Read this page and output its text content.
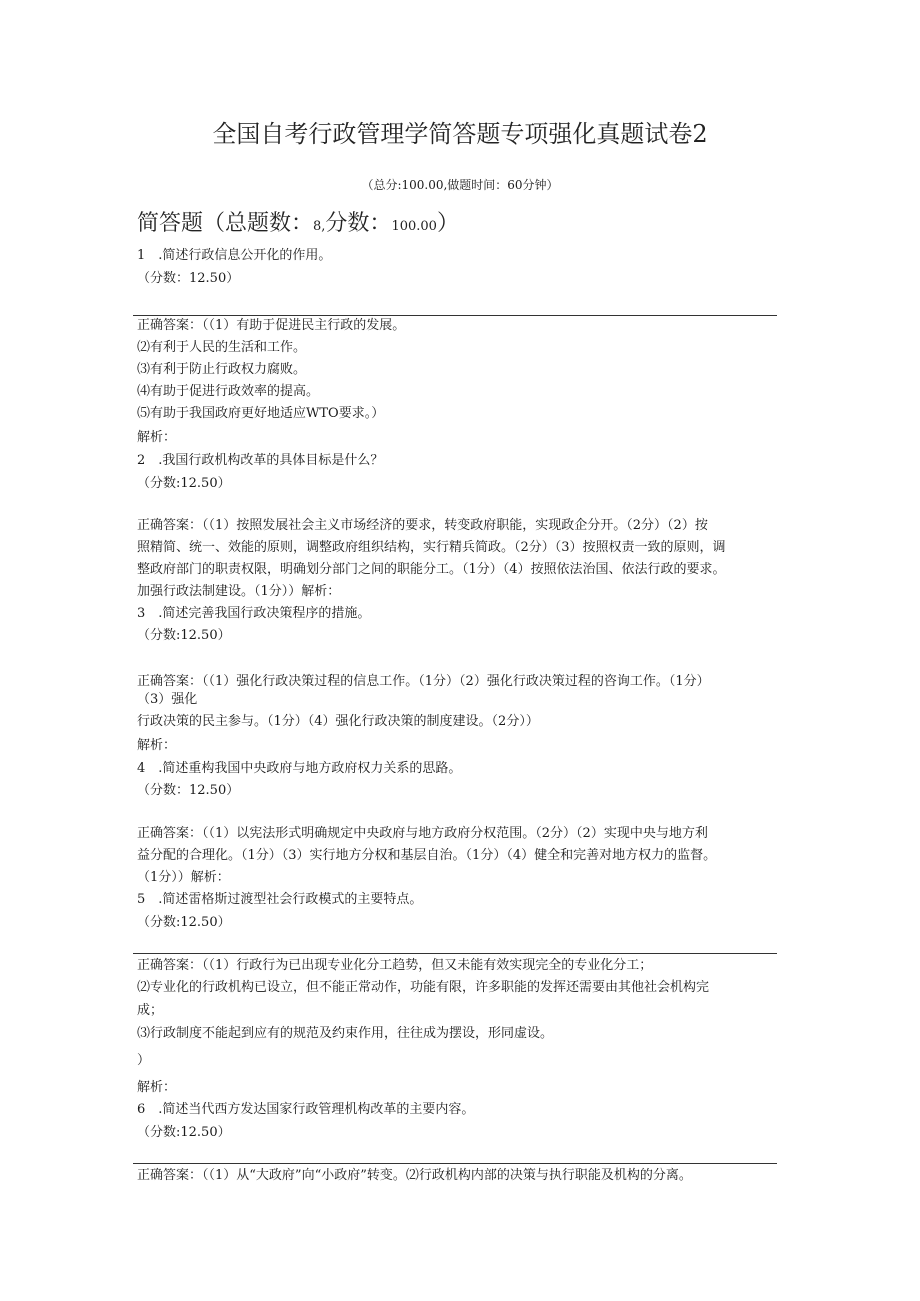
全国自考行政管理学简答题专项强化真题试卷2
（总分:100.00,做题时间：60分钟）
简答题（总题数：8,分数：100.00）
1　.简述行政信息公开化的作用。
（分数：12.50）
正确答案：（（1）有助于促进民主行政的发展。
⑵有利于人民的生活和工作。
⑶有利于防止行政权力腐败。
⑷有助于促进行政效率的提高。
⑸有助于我国政府更好地适应WTO要求。）
解析：
2　.我国行政机构改革的具体目标是什么？
（分数:12.50）
正确答案：（（1）按照发展社会主义市场经济的要求，转变政府职能，实现政企分开。（2分）（2）按
照精简、统一、效能的原则，调整政府组织结构，实行精兵简政。（2分）（3）按照权责一致的原则，调
整政府部门的职责权限，明确划分部门之间的职能分工。（1分）（4）按照依法治国、依法行政的要求。
加强行政法制建设。（1分））解析：
3　.简述完善我国行政决策程序的措施。
（分数:12.50）
正确答案：（（1）强化行政决策过程的信息工作。（1分）（2）强化行政决策过程的咨询工作。（1分）
（3）强化
行政决策的民主参与。（1分）（4）强化行政决策的制度建设。（2分））
解析：
4　.简述重构我国中央政府与地方政府权力关系的思路。
（分数：12.50）
正确答案：（（1）以宪法形式明确规定中央政府与地方政府分权范围。（2分）（2）实现中央与地方利
益分配的合理化。（1分）（3）实行地方分权和基层自治。（1分）（4）健全和完善对地方权力的监督。
（1分））解析：
5　.简述雷格斯过渡型社会行政模式的主要特点。
（分数:12.50）
正确答案：（（1）行政行为已出现专业化分工趋势，但又未能有效实现完全的专业化分工；
⑵专业化的行政机构已设立，但不能正常动作，功能有限，许多职能的发挥还需要由其他社会机构完
成；
⑶行政制度不能起到应有的规范及约束作用，往往成为摆设，形同虚设。
）
解析：
6　.简述当代西方发达国家行政管理机构改革的主要内容。
（分数:12.50）
正确答案：（（1）从“大政府”向“小政府”转变。⑵行政机构内部的决策与执行职能及机构的分离。
